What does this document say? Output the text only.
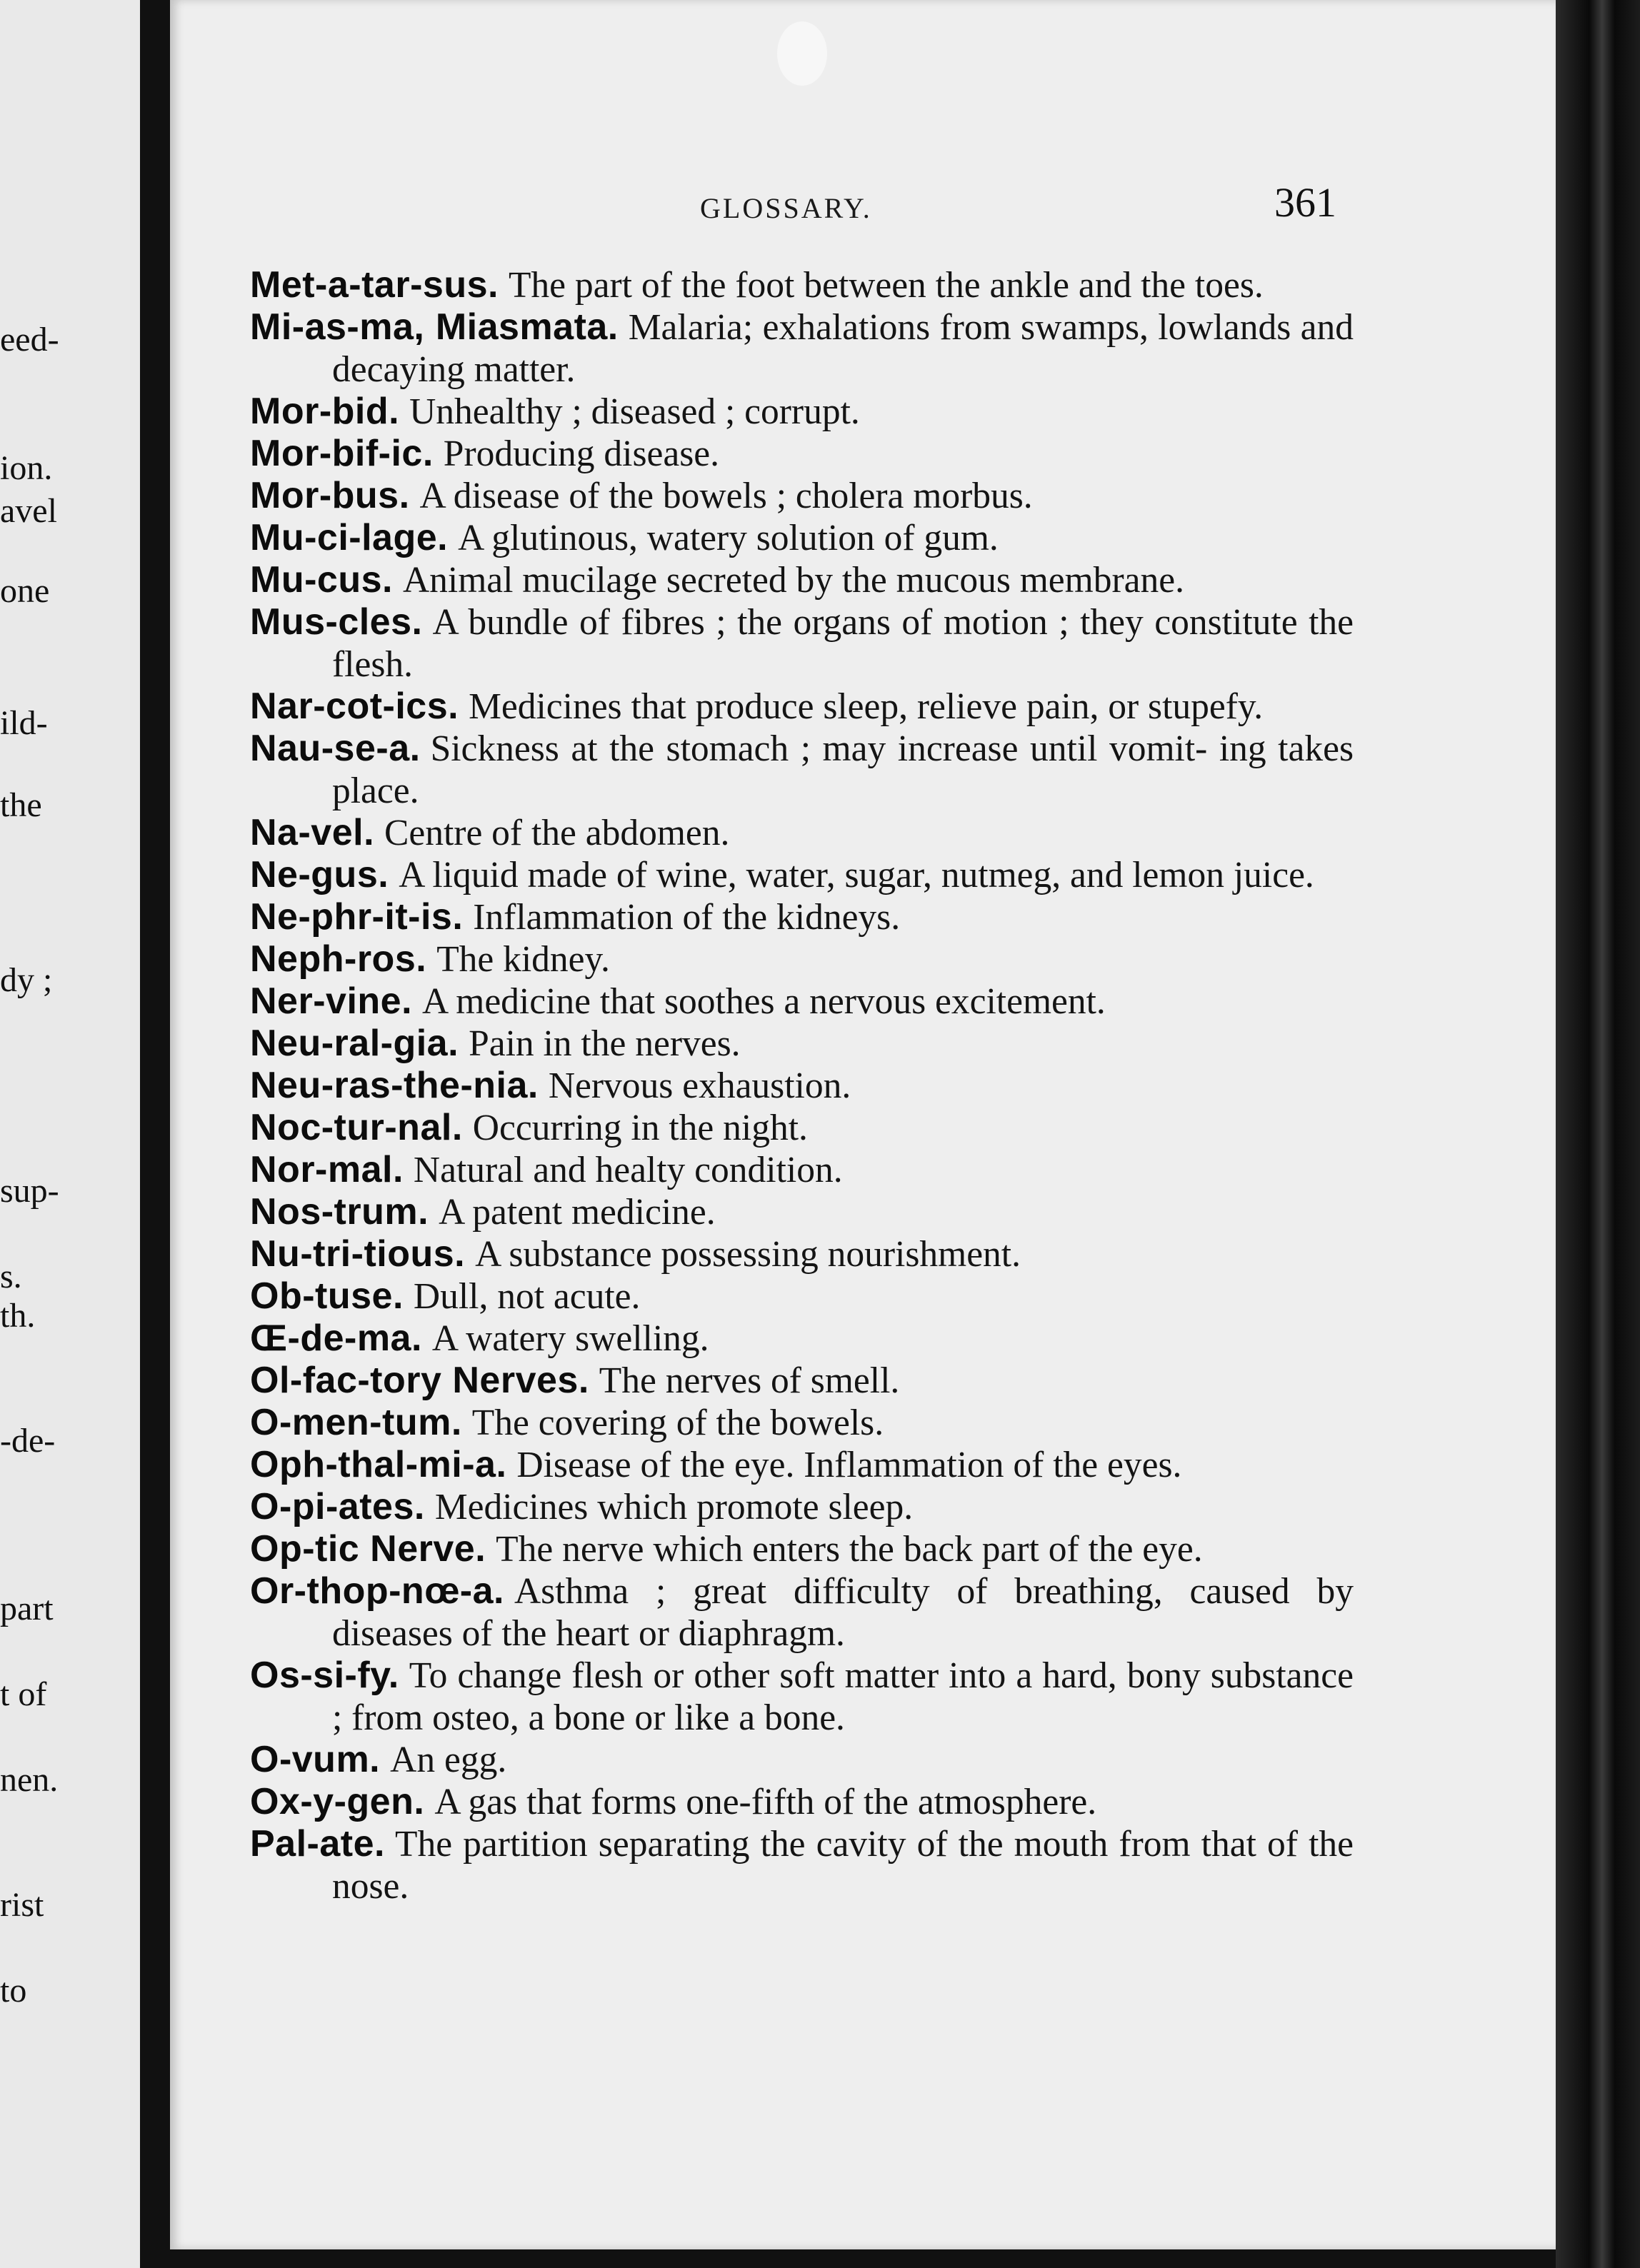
eed-
ion.
avel
one
ild-
the
dy ;
sup-
s.
th.
-de-
part
t of
nen.
rist
to
GLOSSARY.	361
Met-a-tar-sus. The part of the foot between the ankle and the toes.
Mi-as-ma, Miasmata. Malaria; exhalations from swamps, lowlands and decaying matter.
Mor-bid. Unhealthy ; diseased ; corrupt.
Mor-bif-ic. Producing disease.
Mor-bus. A disease of the bowels ; cholera morbus.
Mu-ci-lage. A glutinous, watery solution of gum.
Mu-cus. Animal mucilage secreted by the mucous membrane.
Mus-cles. A bundle of fibres ; the organs of motion ; they constitute the flesh.
Nar-cot-ics. Medicines that produce sleep, relieve pain, or stupefy.
Nau-se-a. Sickness at the stomach ; may increase until vomit- ing takes place.
Na-vel. Centre of the abdomen.
Ne-gus. A liquid made of wine, water, sugar, nutmeg, and lemon juice.
Ne-phr-it-is. Inflammation of the kidneys.
Neph-ros. The kidney.
Ner-vine. A medicine that soothes a nervous excitement.
Neu-ral-gia. Pain in the nerves.
Neu-ras-the-nia. Nervous exhaustion.
Noc-tur-nal. Occurring in the night.
Nor-mal. Natural and healty condition.
Nos-trum. A patent medicine.
Nu-tri-tious. A substance possessing nourishment.
Ob-tuse. Dull, not acute.
Œ-de-ma. A watery swelling.
Ol-fac-tory Nerves. The nerves of smell.
O-men-tum. The covering of the bowels.
Oph-thal-mi-a. Disease of the eye. Inflammation of the eyes.
O-pi-ates. Medicines which promote sleep.
Op-tic Nerve. The nerve which enters the back part of the eye.
Or-thop-nœ-a. Asthma ; great difficulty of breathing, caused by diseases of the heart or diaphragm.
Os-si-fy. To change flesh or other soft matter into a hard, bony substance ; from osteo, a bone or like a bone.
O-vum. An egg.
Ox-y-gen. A gas that forms one-fifth of the atmosphere.
Pal-ate. The partition separating the cavity of the mouth from that of the nose.
